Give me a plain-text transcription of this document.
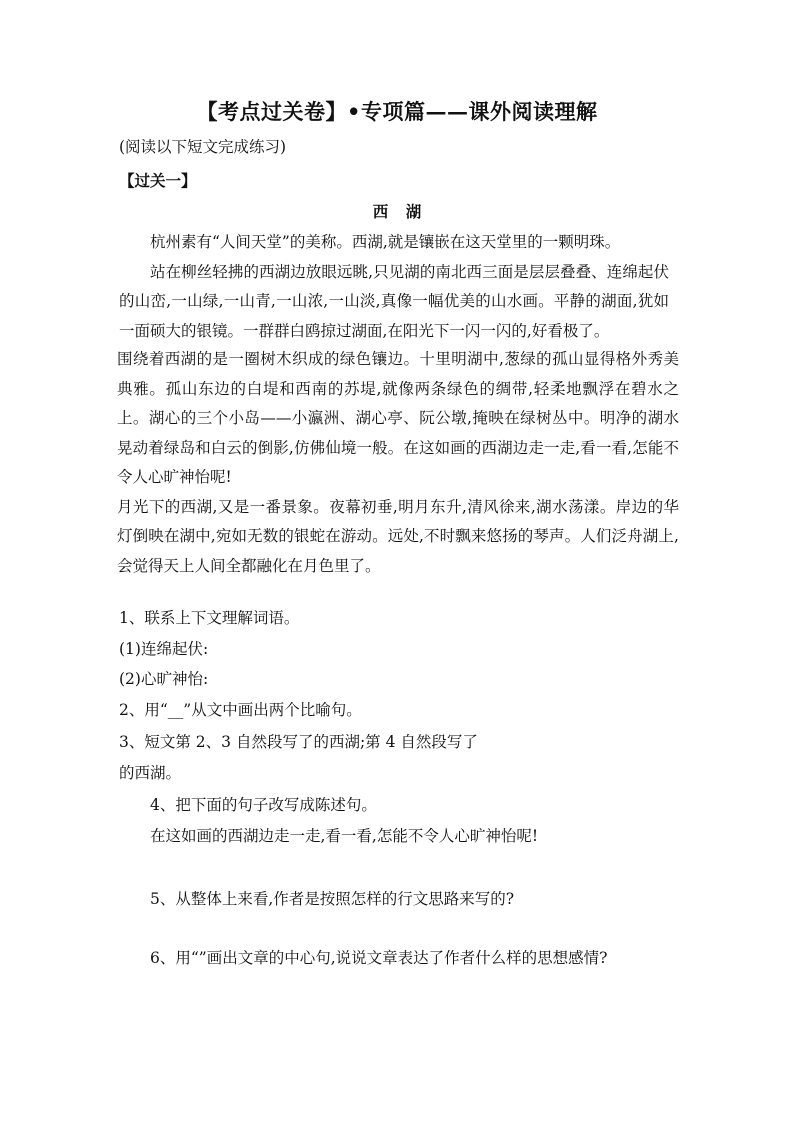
【考点过关卷】•专项篇——课外阅读理解
(阅读以下短文完成练习)
【过关一】
西 湖

杭州素有“人间天堂”的美称。西湖,就是镶嵌在这天堂里的一颗明珠。

站在柳丝轻拂的西湖边放眼远眺,只见湖的南北西三面是层层叠叠、连绵起伏的山峦,一山绿,一山青,一山浓,一山淡,真像一幅优美的山水画。平静的湖面,犹如一面硕大的银镜。一群群白鸥掠过湖面,在阳光下一闪一闪的,好看极了。

围绕着西湖的是一圈树木织成的绿色镶边。十里明湖中,葱绿的孤山显得格外秀美典雅。孤山东边的白堤和西南的苏堤,就像两条绿色的绸带,轻柔地飘浮在碧水之上。湖心的三个小岛——小瀛洲、湖心亭、阮公墩,掩映在绿树丛中。明净的湖水晃动着绿岛和白云的倒影,仿佛仙境一般。在这如画的西湖边走一走,看一看,怎能不令人心旷神怡呢!

月光下的西湖,又是一番景象。夜幕初垂,明月东升,清风徐来,湖水荡漾。岸边的华灯倒映在湖中,宛如无数的银蛇在游动。远处,不时飘来悠扬的琴声。人们泛舟湖上,会觉得天上人间全都融化在月色里了。

1、联系上下文理解词语。
(1)连绵起伏:
(2)心旷神怡:
2、用“__”从文中画出两个比喻句。
3、短文第 2、3 自然段写了的西湖;第 4 自然段写了
的西湖。
4、把下面的句子改写成陈述句。
在这如画的西湖边走一走,看一看,怎能不令人心旷神怡呢!
5、从整体上来看,作者是按照怎样的行文思路来写的?
6、用“”画出文章的中心句,说说文章表达了作者什么样的思想感情?
